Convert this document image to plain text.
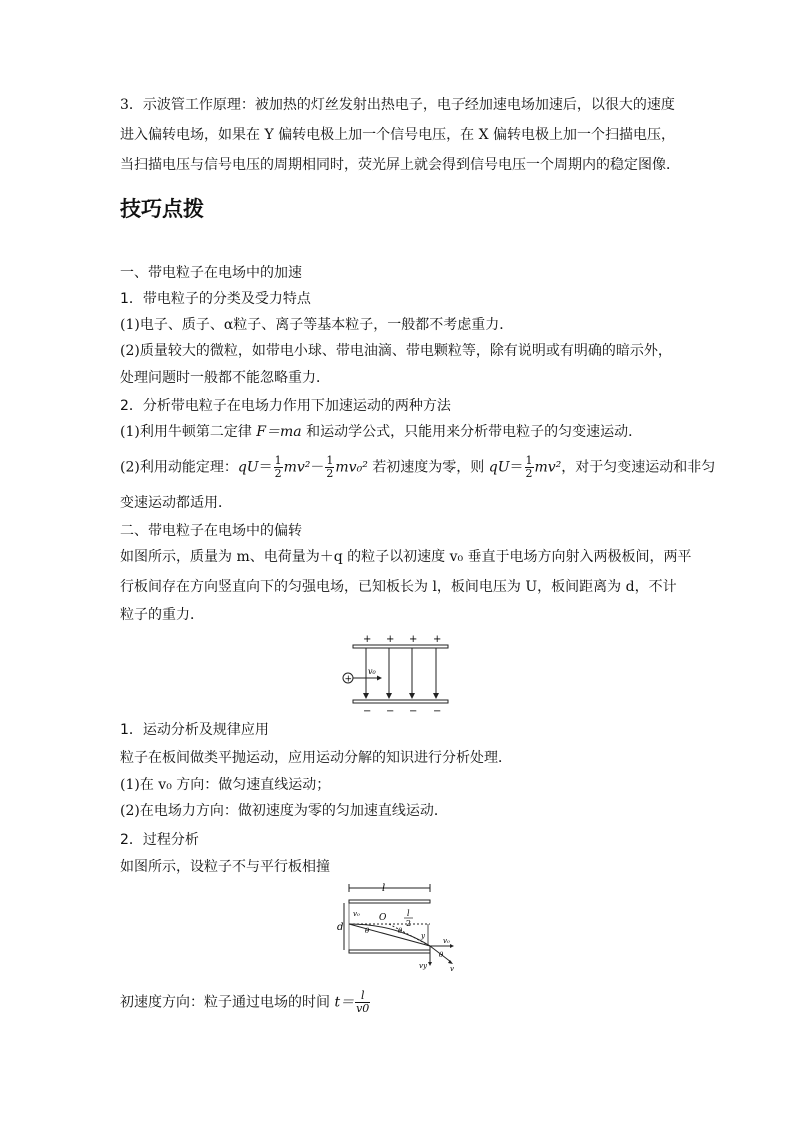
3．示波管工作原理：被加热的灯丝发射出热电子，电子经加速电场加速后，以很大的速度
进入偏转电场，如果在 Y 偏转电极上加一个信号电压，在 X 偏转电极上加一个扫描电压，
当扫描电压与信号电压的周期相同时，荧光屏上就会得到信号电压一个周期内的稳定图像．
技巧点拨
一、带电粒子在电场中的加速
1．带电粒子的分类及受力特点
(1)电子、质子、α粒子、离子等基本粒子，一般都不考虑重力．
(2)质量较大的微粒，如带电小球、带电油滴、带电颗粒等，除有说明或有明确的暗示外，
处理问题时一般都不能忽略重力．
2．分析带电粒子在电场力作用下加速运动的两种方法
(1)利用牛顿第二定律 F＝ma 和运动学公式，只能用来分析带电粒子的匀变速运动．
(2)利用动能定理：$qU= \frac{1}{2} mv^2- \frac{1}{2} mv_0^2$ 若初速度为零，则 $qU= \frac{1}{2} mv^2$，对于匀变速运动和非匀
变速运动都适用．
二、带电粒子在电场中的偏转
如图所示，质量为 m、电荷量为＋q 的粒子以初速度 v₀ 垂直于电场方向射入两极板间，两平
行板间存在方向竖直向下的匀强电场，已知板长为 l，板间电压为 U，板间距离为 d，不计
粒子的重力．
+ + + +
+
v₀
− − − −
1．运动分析及规律应用
粒子在板间做类平抛运动，应用运动分解的知识进行分析处理．
(1)在 v₀ 方向：做匀速直线运动；
(2)在电场力方向：做初速度为零的匀加速直线运动．
2．过程分析
如图所示，设粒子不与平行板相撞
l
d
v₀ O	l
2
θ	θ
y
v₀
vy	v
θ
初速度方向：粒子通过电场的时间 $t= \frac{l}{v0}$
